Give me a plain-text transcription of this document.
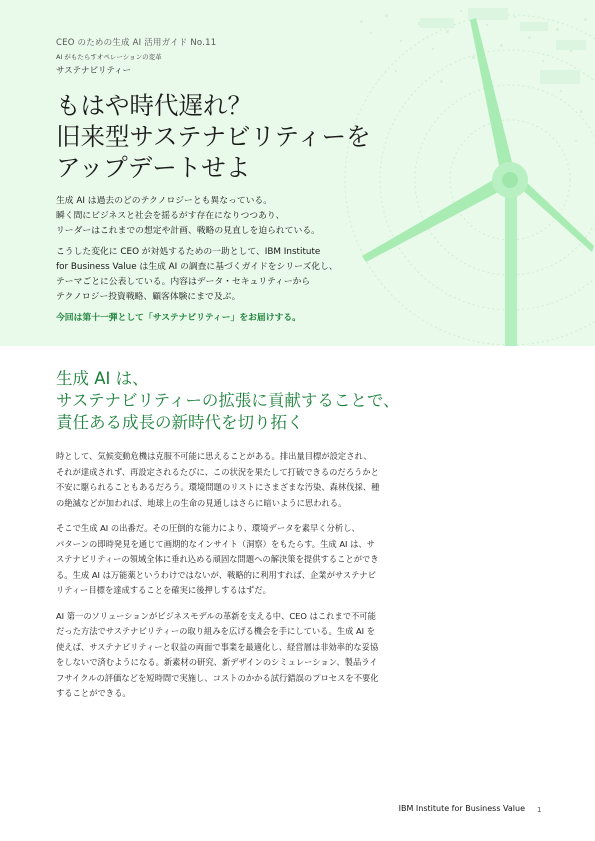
CEO のための生成 AI 活用ガイド No.11
AI がもたらすオペレーションの変革
サステナビリティー
もはや時代遅れ？
旧来型サステナビリティーを
アップデートせよ

生成 AI は過去のどのテクノロジーとも異なっている。
瞬く間にビジネスと社会を揺るがす存在になりつつあり、
リーダーはこれまでの想定や計画、戦略の見直しを迫られている。

こうした変化に CEO が対処するための一助として、IBM Institute
for Business Value は生成 AI の調査に基づくガイドをシリーズ化し、
テーマごとに公表している。内容はデータ・セキュリティーから
テクノロジー投資戦略、顧客体験にまで及ぶ。

今回は第十一弾として「サステナビリティー」をお届けする。

生成 AI は、
サステナビリティーの拡張に貢献することで、
責任ある成長の新時代を切り拓く

時として、気候変動危機は克服不可能に思えることがある。排出量目標が設定され、
それが達成されず、再設定されるたびに、この状況を果たして打破できるのだろうかと
不安に駆られることもあるだろう。環境問題のリストにさまざまな汚染、森林伐採、種
の絶滅などが加われば、地球上の生命の見通しはさらに暗いように思われる。

そこで生成 AI の出番だ。その圧倒的な能力により、環境データを素早く分析し、
パターンの即時発見を通じて画期的なインサイト（洞察）をもたらす。生成 AI は、サ
ステナビリティーの領域全体に垂れ込める頑固な問題への解決策を提供することができ
る。生成 AI は万能薬というわけではないが、戦略的に利用すれば、企業がサステナビ
リティー目標を達成することを確実に後押しするはずだ。

AI 第一のソリューションがビジネスモデルの革新を支える中、CEO はこれまで不可能
だった方法でサステナビリティーの取り組みを広げる機会を手にしている。生成 AI を
使えば、サステナビリティーと収益の両面で事業を最適化し、経営層は非効率的な妥協
をしないで済むようになる。新素材の研究、新デザインのシミュレーション、製品ライ
フサイクルの評価などを短時間で実施し、コストのかかる試行錯誤のプロセスを不要化
することができる。

IBM Institute for Business Value 1
